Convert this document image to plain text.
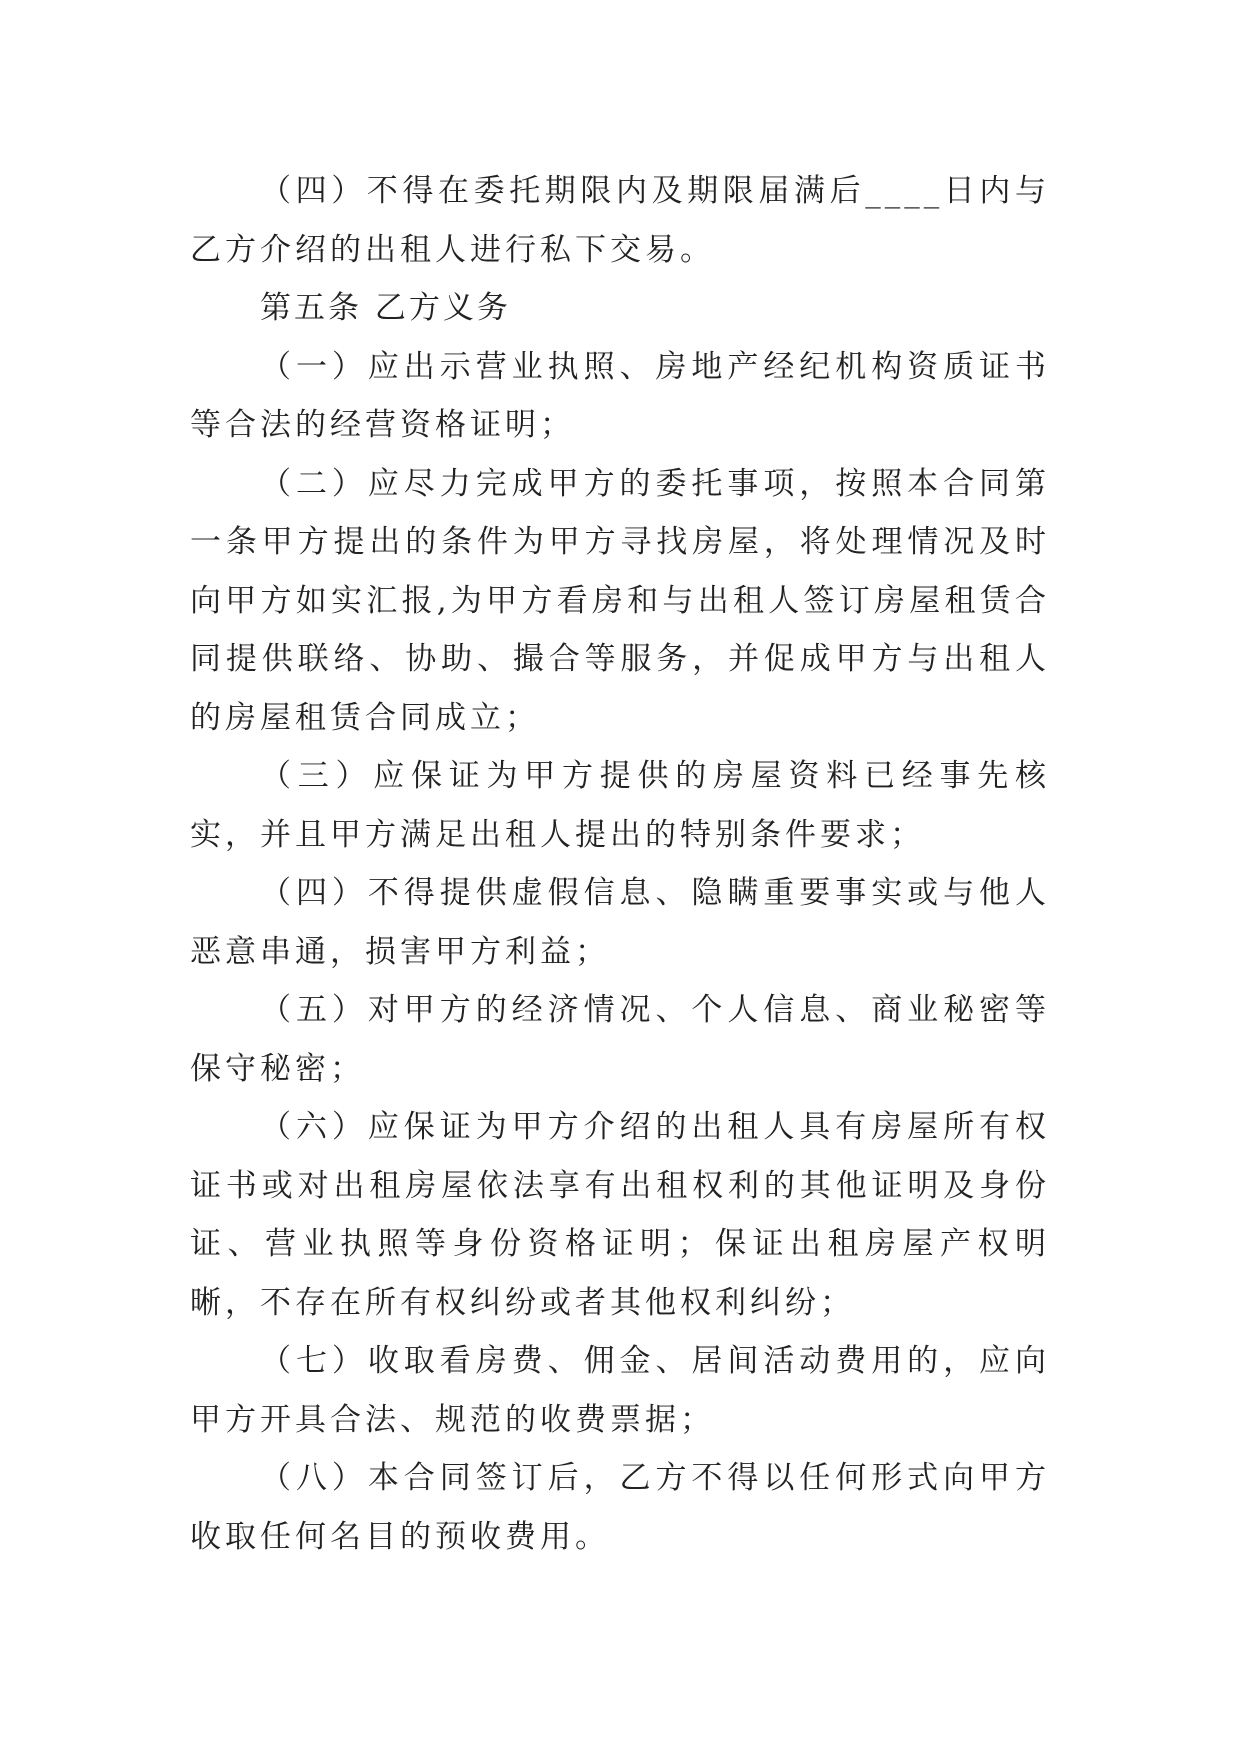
（四）不得在委托期限内及期限届满后____日内与乙方介绍的出租人进行私下交易。

第五条 乙方义务

（一）应出示营业执照、房地产经纪机构资质证书等合法的经营资格证明；

（二）应尽力完成甲方的委托事项，按照本合同第一条甲方提出的条件为甲方寻找房屋，将处理情况及时向甲方如实汇报,为甲方看房和与出租人签订房屋租赁合同提供联络、协助、撮合等服务，并促成甲方与出租人的房屋租赁合同成立；

（三）应保证为甲方提供的房屋资料已经事先核实，并且甲方满足出租人提出的特别条件要求；

（四）不得提供虚假信息、隐瞒重要事实或与他人恶意串通，损害甲方利益；

（五）对甲方的经济情况、个人信息、商业秘密等保守秘密；

（六）应保证为甲方介绍的出租人具有房屋所有权证书或对出租房屋依法享有出租权利的其他证明及身份证、营业执照等身份资格证明；保证出租房屋产权明晰，不存在所有权纠纷或者其他权利纠纷；

（七）收取看房费、佣金、居间活动费用的，应向甲方开具合法、规范的收费票据；

（八）本合同签订后，乙方不得以任何形式向甲方收取任何名目的预收费用。
